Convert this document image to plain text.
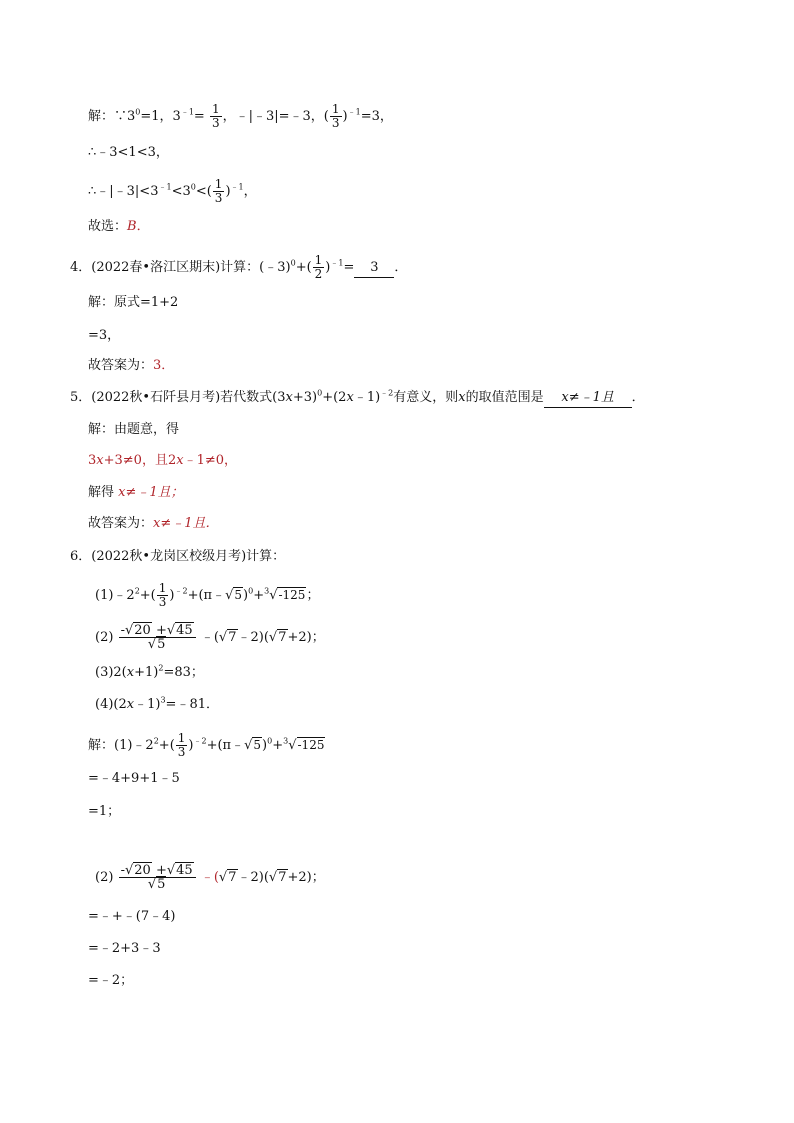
解：$\because 3^0=1$，$3^{﹣1}= \frac{1}{3}$ ，﹣|﹣3|=﹣3，( $\frac{1}{3} )^{﹣1}=3$，
∴﹣3<1<3，
$\therefore﹣|﹣3|<3^{﹣1}<3^0<( \frac{1}{3} )^{﹣1}$，
故选：B．
4．(2022春•洛江区期末)计算：(﹣3)$^0$+( $\frac{1}{2} )^{﹣1}= 3$ ．
解：原式=1+2
=3，
故答案为：3．
5．(2022秋•石阡县月考)若代数式$(3x+3)^0+(2x﹣1)^{﹣2}$有意义，则x的取值范围是 x≠﹣1且 ．
解：由题意，得
3x+3≠0，且2x﹣1≠0，
解得 x≠﹣1且；
故答案为：x≠﹣1且．
6．(2022秋•龙岗区校级月考)计算：
$(1)﹣2^2+( \frac{1}{3}$ )$^{﹣2}$+(π﹣√5)$^0$+$^3$√-125；
$(2) \frac{-√20 +√45}{√5}$ ﹣(√7﹣2)(√7+2)；
$(3)2(x+1)^2=83$；
(4)(2x﹣1)$^3$=﹣81．
解：$(1)﹣2^2+( \frac{1}{3}$ )$^{﹣2}$+(π﹣√5)$^0$+$^3$√-125
=﹣4+9+1﹣5
=1；
$(2) \frac{-√20 +√45}{√5}$ ﹣(√7﹣2)(√7+2)；
=﹣+﹣(7﹣4)
=﹣2+3﹣3
=﹣2；
